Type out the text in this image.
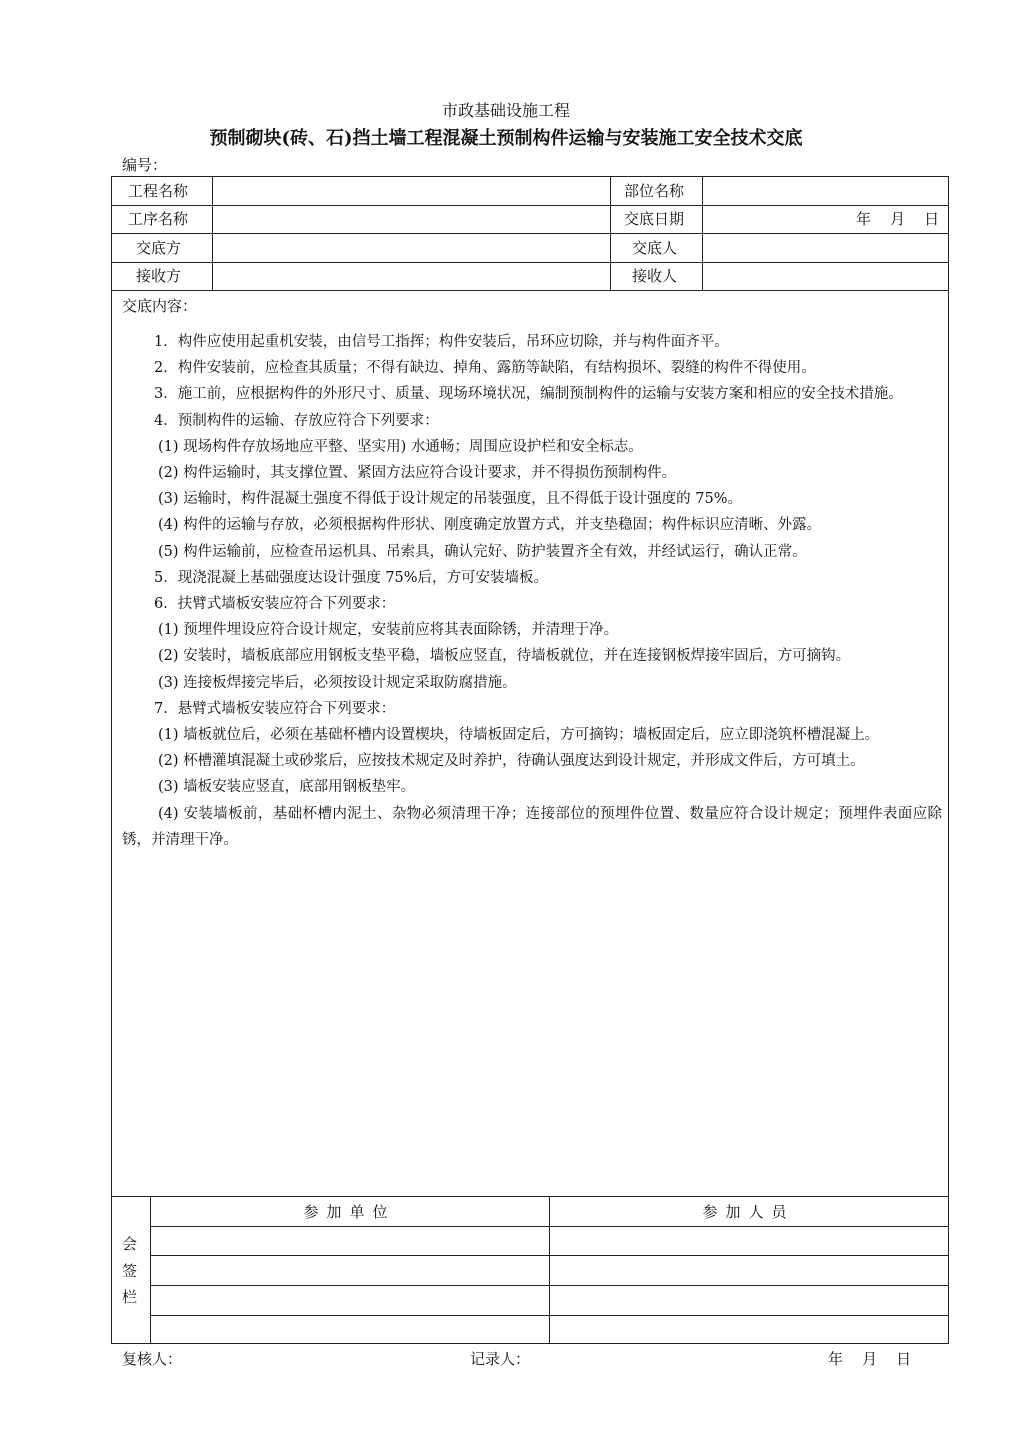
市政基础设施工程
预制砌块(砖、石)挡土墙工程混凝土预制构件运输与安装施工安全技术交底
编号：
工程名称	部位名称
工序名称	交底日期	年    月    日
交底方	交底人
接收方	接收人
交底内容：

1．构件应使用起重机安装，由信号工指挥；构件安装后，吊环应切除，并与构件面齐平。

2．构件安装前，应检查其质量；不得有缺边、掉角、露筋等缺陷，有结构损坏、裂缝的构件不得使用。

3．施工前，应根据构件的外形尺寸、质量、现场环境状况，编制预制构件的运输与安装方案和相应的安全技术措施。

4．预制构件的运输、存放应符合下列要求：

(1) 现场构件存放场地应平整、坚实用) 水通畅；周围应设护栏和安全标志。

(2) 构件运输时，其支撑位置、紧固方法应符合设计要求，并不得损伤预制构件。

(3) 运输时，构件混凝土强度不得低于设计规定的吊装强度，且不得低于设计强度的 75%。

(4) 构件的运输与存放，必须根据构件形状、刚度确定放置方式，并支垫稳固；构件标识应清晰、外露。

(5) 构件运输前，应检查吊运机具、吊索具，确认完好、防护装置齐全有效，并经试运行，确认正常。

5．现浇混凝上基础强度达设计强度 75%后，方可安装墙板。

6．扶臂式墙板安装应符合下列要求：

(1) 预埋件埋设应符合设计规定，安装前应将其表面除锈，并清理于净。

(2) 安装时，墙板底部应用钢板支垫平稳，墙板应竖直，待墙板就位，并在连接钢板焊接牢固后，方可摘钩。

(3) 连接板焊接完毕后，必须按设计规定采取防腐措施。

7．悬臂式墙板安装应符合下列要求：

(1) 墙板就位后，必须在基础杯槽内设置楔块，待墙板固定后，方可摘钩；墙板固定后，应立即浇筑杯槽混凝上。

(2) 杯槽灌填混凝土或砂浆后，应按技术规定及时养护，待确认强度达到设计规定，并形成文件后，方可填土。

(3) 墙板安装应竖直，底部用钢板垫牢。

(4) 安装墙板前，基础杯槽内泥土、杂物必须清理干净；连接部位的预埋件位置、数量应符合设计规定；预埋件表面应除锈，并清理干净。

会
签
栏
参加单位	参加人员
复核人：	记录人：	年    月    日
